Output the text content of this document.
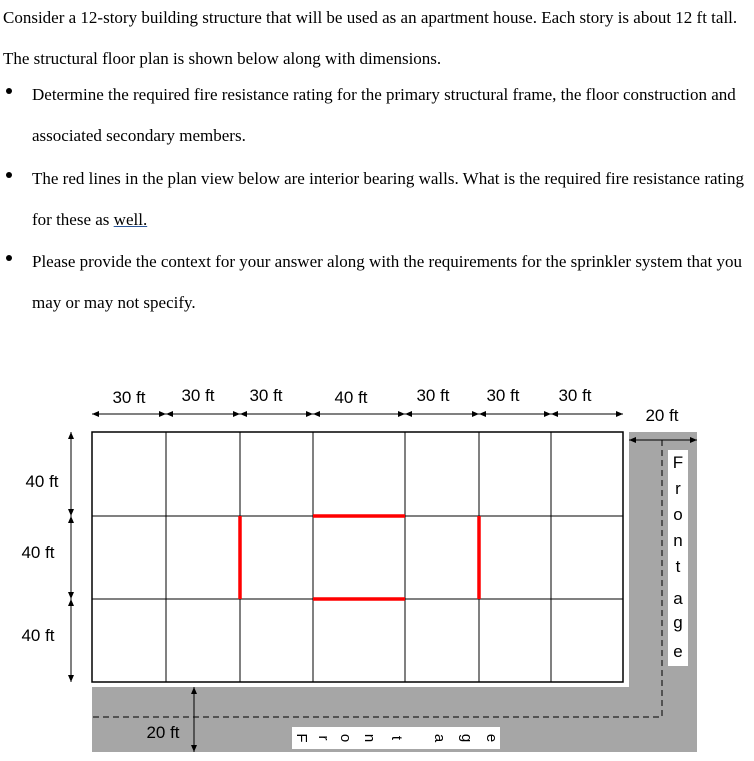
Consider a 12-story building structure that will be used as an apartment house. Each story is about 12 ft tall. The structural floor plan is shown below along with dimensions.

Determine the required fire resistance rating for the primary structural frame, the floor construction and associated secondary members.

The red lines in the plan view below are interior bearing walls. What is the required fire resistance rating for these as well.

Please provide the context for your answer along with the requirements for the sprinkler system that you may or may not specify.

30 ft 30 ft 30 ft	40 ft	30 ft 30 ft 30 ft
40 ft
40 ft
40 ft
20 ft
20 ft
F
r
o
n
t
a
g
e
F r o n t a g e
